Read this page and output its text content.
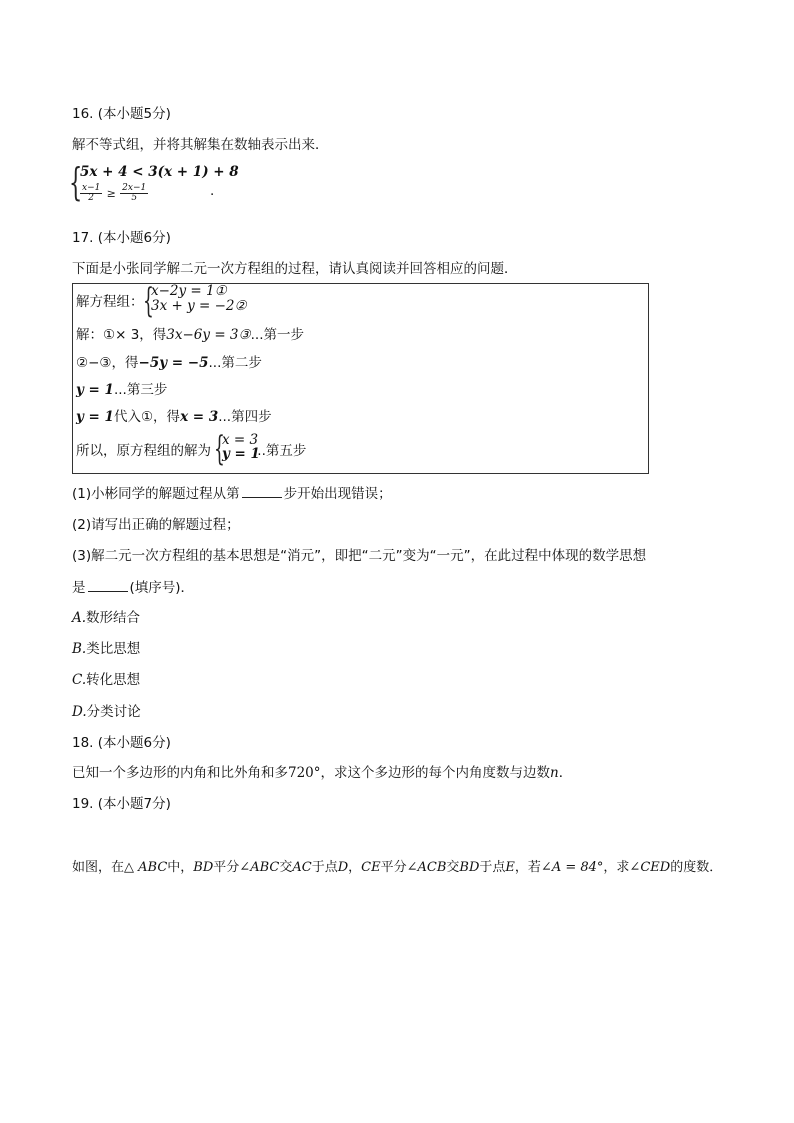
16. (本小题5分)
解不等式组，并将其解集在数轴表示出来．
{
5x + 4 < 3(x + 1) + 8
$\frac{x-1}{2} \ge \frac{2x-1}{5}$	.
17. (本小题6分)
下面是小张同学解二元一次方程组的过程，请认真阅读并回答相应的问题．
解方程组： {
x−2y = 1①
3x + y = −2②
解：①× 3，得3x−6y = 3③...第一步
②−③，得−5y = −5...第二步
y = 1...第三步
y = 1代入①，得x = 3...第四步
所以，原方程组的解为 {
x = 3
y = 1
...第五步
(1)小彬同学的解题过程从第	步开始出现错误；
(2)请写出正确的解题过程；
(3)解二元一次方程组的基本思想是“消元”，即把“二元”变为“一元”，在此过程中体现的数学思想
是	(填序号)．
A.数形结合
B.类比思想
C.转化思想
D.分类讨论
18. (本小题6分)
已知一个多边形的内角和比外角和多720°，求这个多边形的每个内角度数与边数n．
19. (本小题7分)
如图，在△ ABC中，BD平分∠ABC交AC于点D，CE平分∠ACB交BD于点E，若∠A = 84°，求∠CED的度数．
